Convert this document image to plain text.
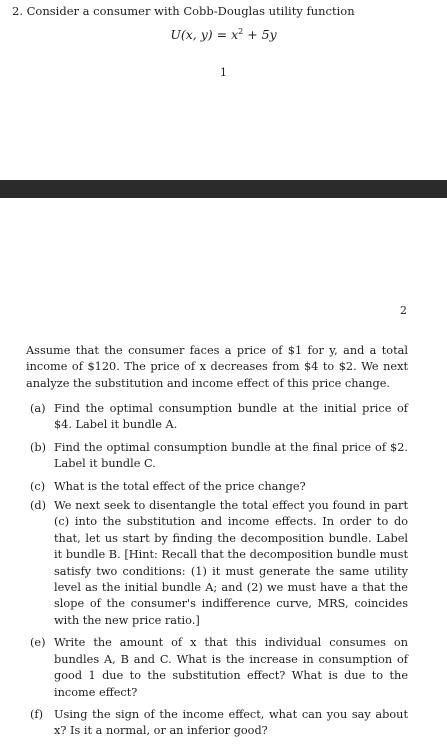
2. Consider a consumer with Cobb-Douglas utility function
U(x, $y) = x^2 + 5y$
1
2
Assume that the consumer faces a price of $1 for y, and a total income of $120. The price of x decreases from $4 to $2. We next analyze the substitution and income effect of this price change.
(a) Find the optimal consumption bundle at the initial price of $4. Label it bundle A.
(b) Find the optimal consumption bundle at the final price of $2. Label it bundle C.
(c) What is the total effect of the price change?
(d) We next seek to disentangle the total effect you found in part (c) into the substitution and income effects. In order to do that, let us start by finding the decomposition bundle. Label it bundle B. [Hint: Recall that the decomposition bundle must satisfy two conditions: (1) it must generate the same utility level as the initial bundle A; and (2) we must have a that the slope of the consumer's indifference curve, MRS, coincides with the new price ratio.]
(e) Write the amount of x that this individual consumes on bundles A, B and C. What is the increase in consumption of good 1 due to the substitution effect? What is due to the income effect?
(f) Using the sign of the income effect, what can you say about x? Is it a normal, or an inferior good?
